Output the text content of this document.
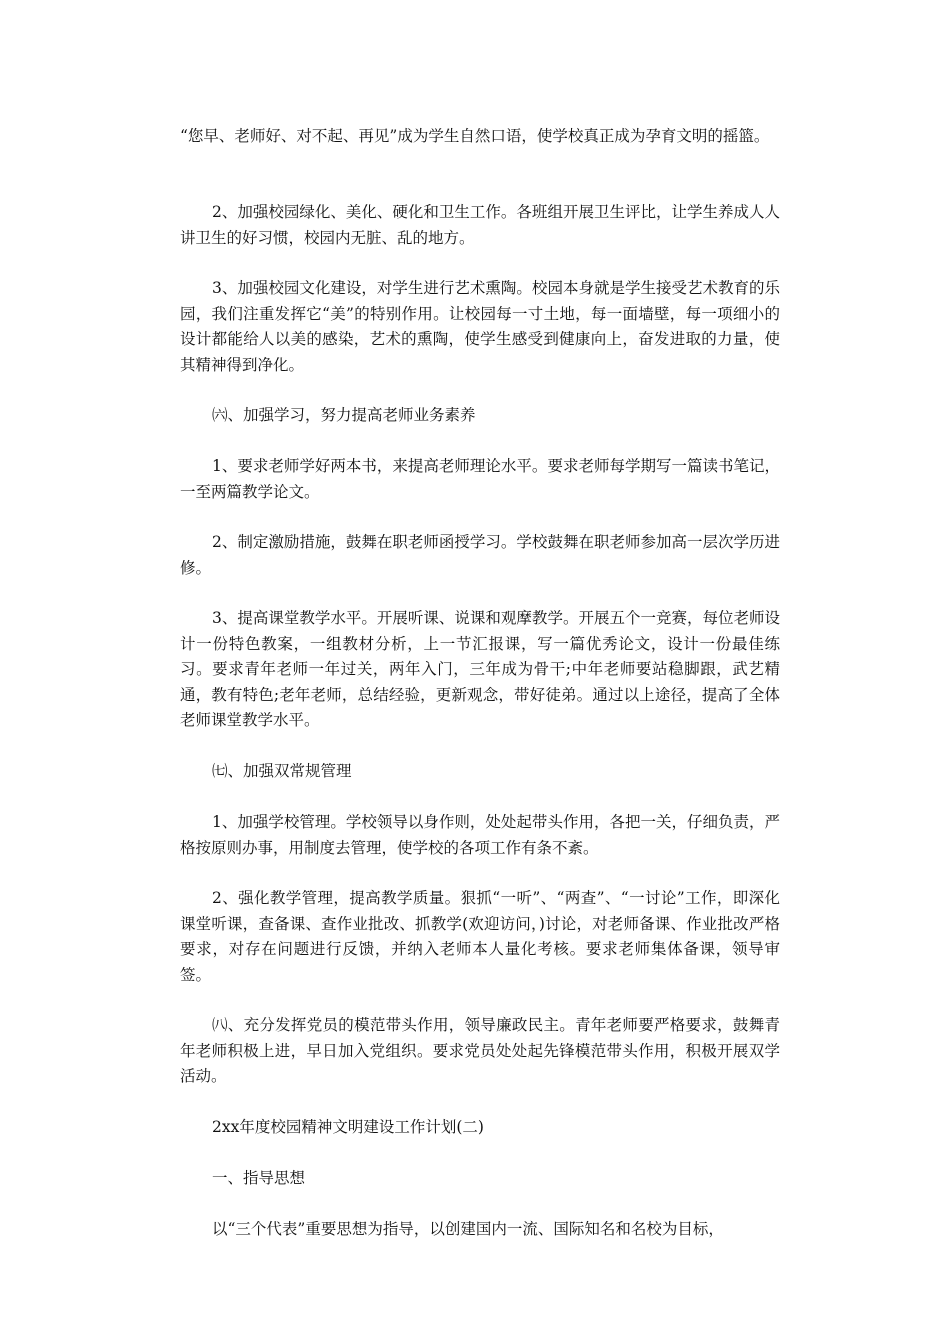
“您早、老师好、对不起、再见”成为学生自然口语，使学校真正成为孕育文明的摇篮。

2、加强校园绿化、美化、硬化和卫生工作。各班组开展卫生评比，让学生养成人人讲卫生的好习惯，校园内无脏、乱的地方。

3、加强校园文化建设，对学生进行艺术熏陶。校园本身就是学生接受艺术教育的乐园，我们注重发挥它“美”的特别作用。让校园每一寸土地，每一面墙壁，每一项细小的设计都能给人以美的感染，艺术的熏陶，使学生感受到健康向上，奋发进取的力量，使其精神得到净化。

㈥、加强学习，努力提高老师业务素养

1、要求老师学好两本书，来提高老师理论水平。要求老师每学期写一篇读书笔记，一至两篇教学论文。

2、制定激励措施，鼓舞在职老师函授学习。学校鼓舞在职老师参加高一层次学历进修。

3、提高课堂教学水平。开展听课、说课和观摩教学。开展五个一竞赛，每位老师设计一份特色教案，一组教材分析，上一节汇报课，写一篇优秀论文，设计一份最佳练习。要求青年老师一年过关，两年入门，三年成为骨干;中年老师要站稳脚跟，武艺精通，教有特色;老年老师，总结经验，更新观念，带好徒弟。通过以上途径，提高了全体老师课堂教学水平。

㈦、加强双常规管理

1、加强学校管理。学校领导以身作则，处处起带头作用，各把一关，仔细负责，严格按原则办事，用制度去管理，使学校的各项工作有条不紊。

2、强化教学管理，提高教学质量。狠抓“一听”、“两查”、“一讨论”工作，即深化课堂听课，查备课、查作业批改、抓教学(欢迎访问，)讨论，对老师备课、作业批改严格要求，对存在问题进行反馈，并纳入老师本人量化考核。要求老师集体备课，领导审签。

㈧、充分发挥党员的模范带头作用，领导廉政民主。青年老师要严格要求，鼓舞青年老师积极上进，早日加入党组织。要求党员处处起先锋模范带头作用，积极开展双学活动。

2xx年度校园精神文明建设工作计划(二)

一、指导思想

以“三个代表”重要思想为指导，以创建国内一流、国际知名和名校为目标，
